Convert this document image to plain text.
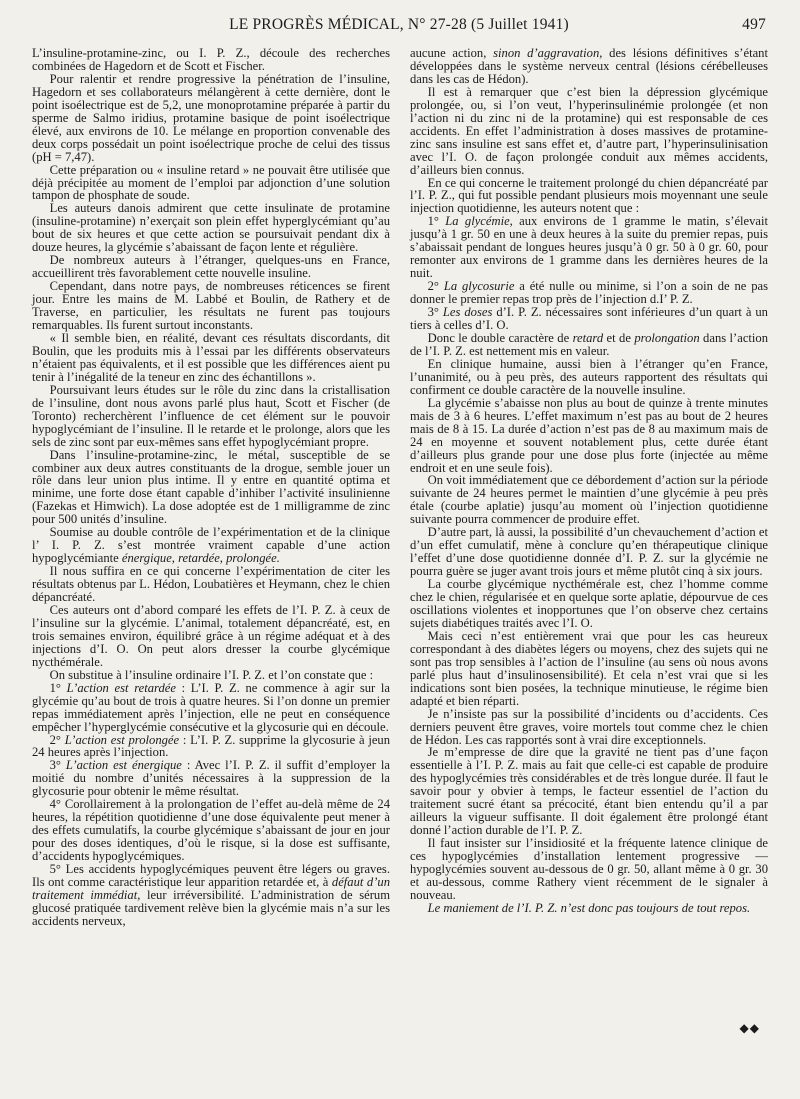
LE PROGRÈS MÉDICAL, N° 27-28 (5 Juillet 1941)	497

L’insuline-protamine-zinc, ou I. P. Z., découle des recherches combinées de Hagedorn et de Scott et Fischer.

Pour ralentir et rendre progressive la pénétration de l’insuline, Hagedorn et ses collaborateurs mélangèrent à cette dernière, dont le point isoélectrique est de 5,2, une monoprotamine préparée à partir du sperme de Salmo iridius, protamine basique de point isoélectrique élevé, aux environs de 10. Le mélange en proportion convenable des deux corps possédait un point isoélectrique proche de celui des tissus (pH = 7,47).

Cette préparation ou « insuline retard » ne pouvait être utilisée que déjà précipitée au moment de l’emploi par adjonction d’une solution tampon de phosphate de soude.

Les auteurs danois admirent que cette insulinate de protamine (insuline-protamine) n’exerçait son plein effet hyperglycémiant qu’au bout de six heures et que cette action se poursuivait pendant dix à douze heures, la glycémie s’abaissant de façon lente et régulière.

De nombreux auteurs à l’étranger, quelques-uns en France, accueillirent très favorablement cette nouvelle insuline.

Cependant, dans notre pays, de nombreuses réticences se firent jour. Entre les mains de M. Labbé et Boulin, de Rathery et de Traverse, en particulier, les résultats ne furent pas toujours remarquables. Ils furent surtout inconstants.

« Il semble bien, en réalité, devant ces résultats discordants, dit Boulin, que les produits mis à l’essai par les différents observateurs n’étaient pas équivalents, et il est possible que les différences aient pu tenir à l’inégalité de la teneur en zinc des échantillons ».

Poursuivant leurs études sur le rôle du zinc dans la cristallisation de l’insuline, dont nous avons parlé plus haut, Scott et Fischer (de Toronto) recherchèrent l’influence de cet élément sur le pouvoir hypoglycémiant de l’insuline. Il le retarde et le prolonge, alors que les sels de zinc sont par eux-mêmes sans effet hypoglycémiant propre.

Dans l’insuline-protamine-zinc, le métal, susceptible de se combiner aux deux autres constituants de la drogue, semble jouer un rôle dans leur union plus intime. Il y entre en quantité optima et minime, une forte dose étant capable d’inhiber l’activité insulinienne (Fazekas et Himwich). La dose adoptée est de 1 milligramme de zinc pour 500 unités d’insuline.

Soumise au double contrôle de l’expérimentation et de la clinique l’ I. P. Z. s’est montrée vraiment capable d’une action hypoglycémiante énergique, retardée, prolongée.

Il nous suffira en ce qui concerne l’expérimentation de citer les résultats obtenus par L. Hédon, Loubatières et Heymann, chez le chien dépancréaté.

Ces auteurs ont d’abord comparé les effets de l’I. P. Z. à ceux de l’insuline sur la glycémie. L’animal, totalement dépancréaté, est, en trois semaines environ, équilibré grâce à un régime adéquat et à des injections d’I. O. On peut alors dresser la courbe glycémique nycthémérale.

On substitue à l’insuline ordinaire l’I. P. Z. et l’on constate que :

1° L’action est retardée : L’I. P. Z. ne commence à agir sur la glycémie qu’au bout de trois à quatre heures. Si l’on donne un premier repas immédiatement après l’injection, elle ne peut en conséquence empêcher l’hyperglycémie consécutive et la glycosurie qui en découle.

2° L’action est prolongée : L’I. P. Z. supprime la glycosurie à jeun 24 heures après l’injection.

3° L’action est énergique : Avec l’I. P. Z. il suffit d’employer la moitié du nombre d’unités nécessaires à la suppression de la glycosurie pour obtenir le même résultat.

4° Corollairement à la prolongation de l’effet au-delà même de 24 heures, la répétition quotidienne d’une dose équivalente peut mener à des effets cumulatifs, la courbe glycémique s’abaissant de jour en jour pour des doses identiques, d’où le risque, si la dose est suffisante, d’accidents hypoglycémiques.

5° Les accidents hypoglycémiques peuvent être légers ou graves. Ils ont comme caractéristique leur apparition retardée et, à défaut d’un traitement immédiat, leur irréversibilité. L’administration de sérum glucosé pratiquée tardivement relève bien la glycémie mais n’a sur les accidents nerveux,

aucune action, sinon d’aggravation, des lésions définitives s’étant développées dans le système nerveux central (lésions cérébelleuses dans les cas de Hédon).

Il est à remarquer que c’est bien la dépression glycémique prolongée, ou, si l’on veut, l’hyperinsulinémie prolongée (et non l’action ni du zinc ni de la protamine) qui est responsable de ces accidents. En effet l’administration à doses massives de protamine-zinc sans insuline est sans effet et, d’autre part, l’hyperinsulinisation avec l’I. O. de façon prolongée conduit aux mêmes accidents, d’ailleurs bien connus.

En ce qui concerne le traitement prolongé du chien dépancréaté par l’I. P. Z., qui fut possible pendant plusieurs mois moyennant une seule injection quotidienne, les auteurs notent que :

1° La glycémie, aux environs de 1 gramme le matin, s’élevait jusqu’à 1 gr. 50 en une à deux heures à la suite du premier repas, puis s’abaissait pendant de longues heures jusqu’à 0 gr. 50 à 0 gr. 60, pour remonter aux environs de 1 gramme dans les dernières heures de la nuit.

2° La glycosurie a été nulle ou minime, si l’on a soin de ne pas donner le premier repas trop près de l’injection d.I’ P. Z.

3° Les doses d’I. P. Z. nécessaires sont inférieures d’un quart à un tiers à celles d’I. O.

Donc le double caractère de retard et de prolongation dans l’action de l’I. P. Z. est nettement mis en valeur.

En clinique humaine, aussi bien à l’étranger qu’en France, l’unanimité, ou à peu près, des auteurs rapportent des résultats qui confirment ce double caractère de la nouvelle insuline.

La glycémie s’abaisse non plus au bout de quinze à trente minutes mais de 3 à 6 heures. L’effet maximum n’est pas au bout de 2 heures mais de 8 à 15. La durée d’action n’est pas de 8 au maximum mais de 24 en moyenne et souvent notablement plus, cette durée étant d’ailleurs plus grande pour une dose plus forte (injectée au même endroit et en une seule fois).

On voit immédiatement que ce débordement d’action sur la période suivante de 24 heures permet le maintien d’une glycémie à peu près étale (courbe aplatie) jusqu’au moment où l’injection quotidienne suivante pourra commencer de produire effet.

D’autre part, là aussi, la possibilité d’un chevauchement d’action et d’un effet cumulatif, mène à conclure qu’en thérapeutique clinique l’effet d’une dose quotidienne donnée d’I. P. Z. sur la glycémie ne pourra guère se juger avant trois jours et même plutôt cinq à six jours.

La courbe glycémique nycthémérale est, chez l’homme comme chez le chien, régularisée et en quelque sorte aplatie, dépourvue de ces oscillations violentes et inopportunes que l’on observe chez certains sujets diabétiques traités avec l’I. O.

Mais ceci n’est entièrement vrai que pour les cas heureux correspondant à des diabètes légers ou moyens, chez des sujets qui ne sont pas trop sensibles à l’action de l’insuline (au sens où nous avons parlé plus haut d’insulinosensibilité). Et cela n’est vrai que si les indications sont bien posées, la technique minutieuse, le régime bien adapté et bien réparti.

Je n’insiste pas sur la possibilité d’incidents ou d’accidents. Ces derniers peuvent être graves, voire mortels tout comme chez le chien de Hédon. Les cas rapportés sont à vrai dire exceptionnels.

Je m’empresse de dire que la gravité ne tient pas d’une façon essentielle à l’I. P. Z. mais au fait que celle-ci est capable de produire des hypoglycémies très considérables et de très longue durée. Il faut le savoir pour y obvier à temps, le facteur essentiel de l’action du traitement sucré étant sa précocité, étant bien entendu qu’il a par ailleurs la vigueur suffisante. Il doit également être prolongé étant donné l’action durable de l’I. P. Z.

Il faut insister sur l’insidiosité et la fréquente latence clinique de ces hypoglycémies d’installation lentement progressive — hypoglycémies souvent au-dessous de 0 gr. 50, allant même à 0 gr. 30 et au-dessous, comme Rathery vient récemment de le signaler à nouveau.

Le maniement de l’I. P. Z. n’est donc pas toujours de tout repos.

◆◆
